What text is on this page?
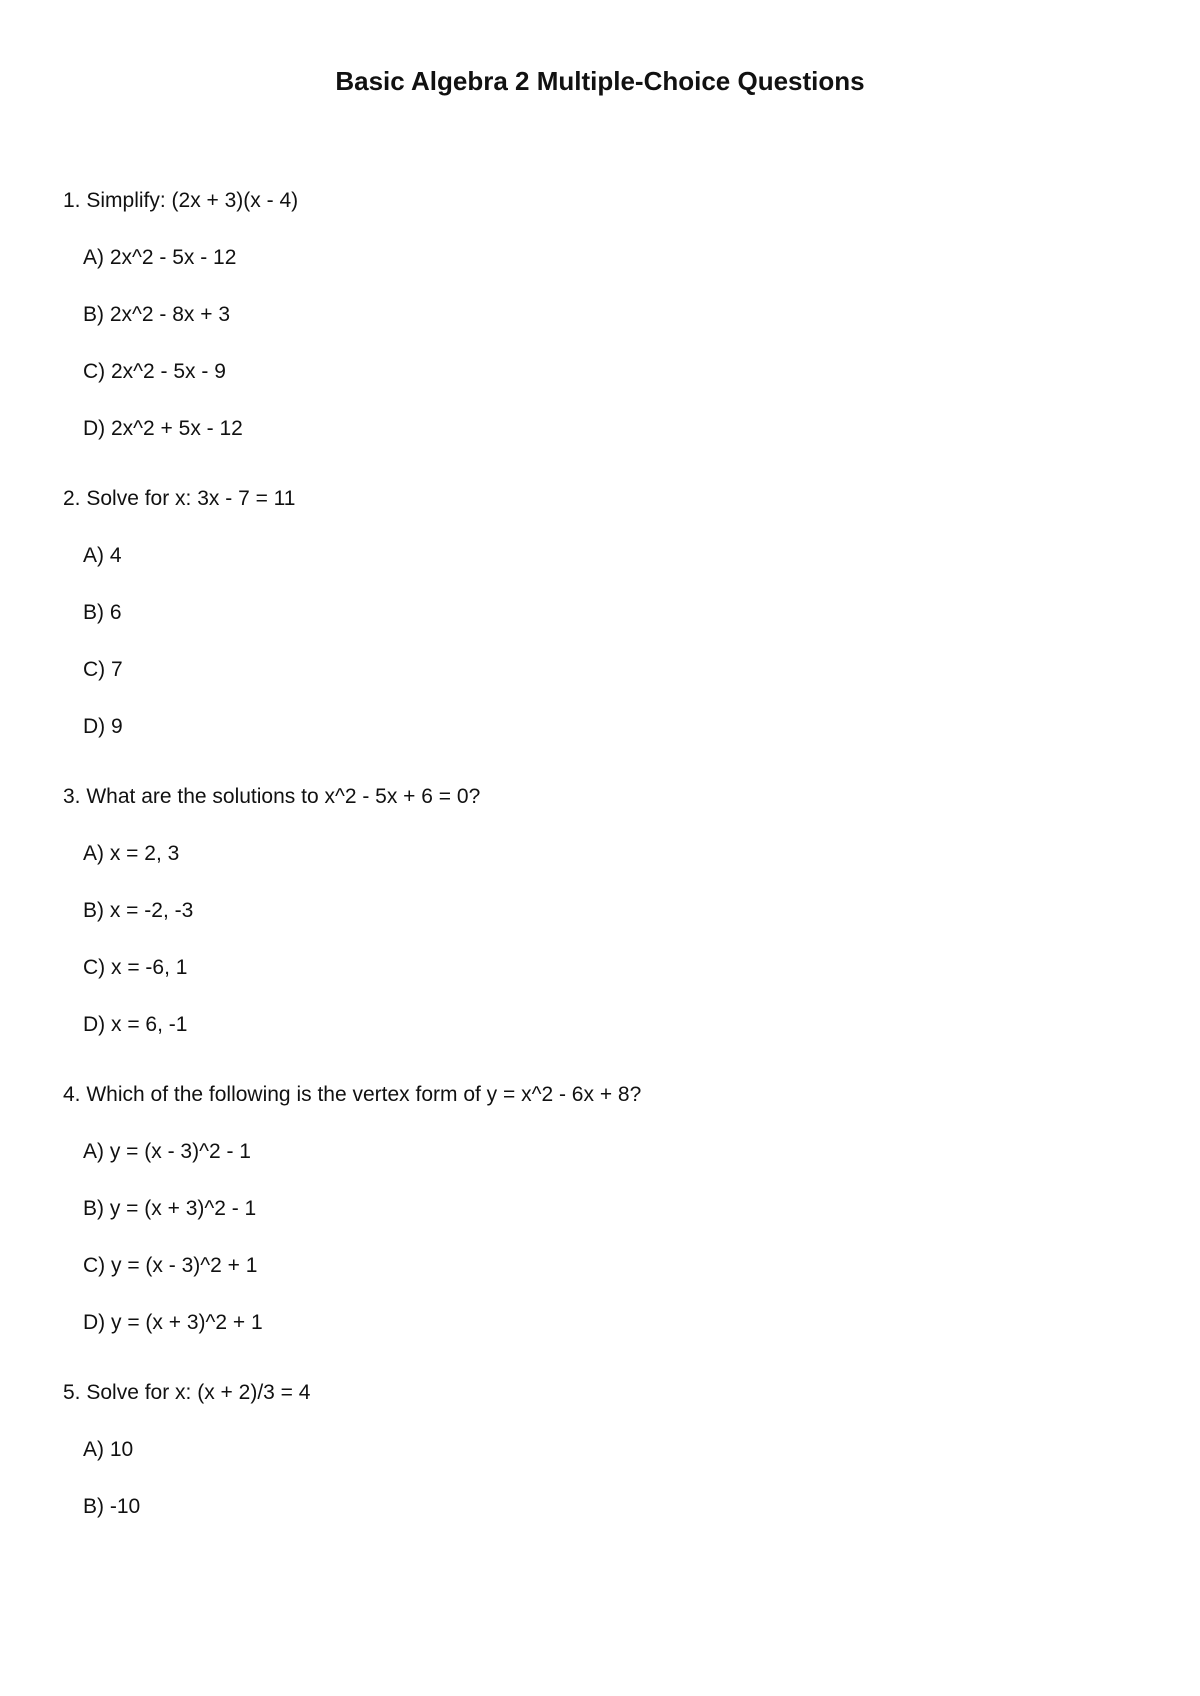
Basic Algebra 2 Multiple-Choice Questions

1. Simplify: (2x + 3)(x - 4)

A) 2x^2 - 5x - 12

B) 2x^2 - 8x + 3

C) 2x^2 - 5x - 9

D) 2x^2 + 5x - 12

2. Solve for x: 3x - 7 = 11

A) 4

B) 6

C) 7

D) 9

3. What are the solutions to x^2 - 5x + 6 = 0?

A) x = 2, 3

B) x = -2, -3

C) x = -6, 1

D) x = 6, -1

4. Which of the following is the vertex form of y = x^2 - 6x + 8?

A) y = (x - 3)^2 - 1

B) y = (x + 3)^2 - 1

C) y = (x - 3)^2 + 1

D) y = (x + 3)^2 + 1

5. Solve for x: (x + 2)/3 = 4

A) 10

B) -10
